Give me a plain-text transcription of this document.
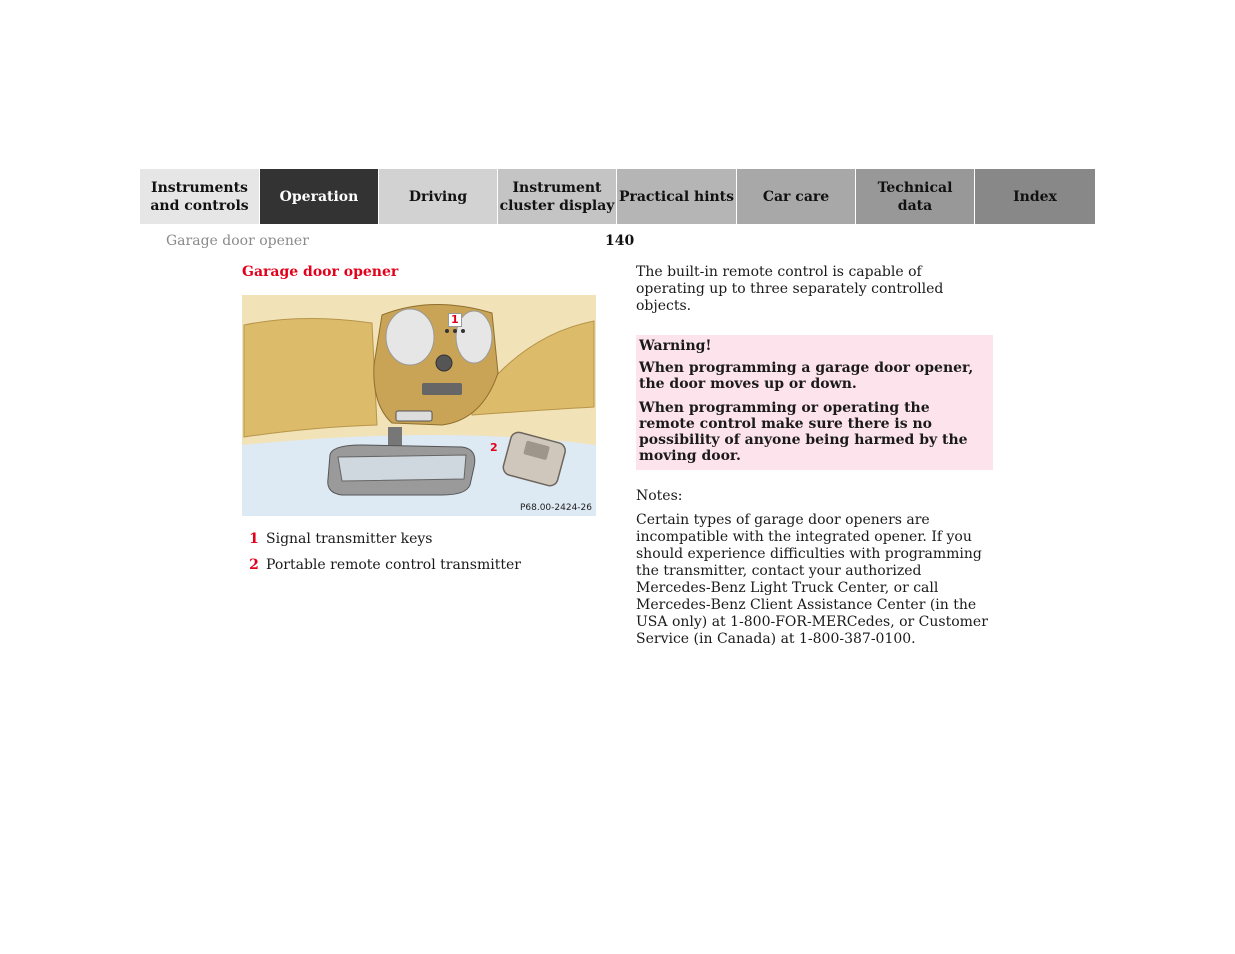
Instruments
and controls
Operation	Driving
Instrument
cluster display
Practical hints	Car care
Technical
data
Index
Garage door opener	140
Garage door opener
1
2
P68.00-2424-26
1 Signal transmitter keys
2 Portable remote control transmitter

The built-in remote control is capable of operating up to three separately controlled objects.

Warning!

When programming a garage door opener, the door moves up or down.

When programming or operating the remote control make sure there is no possibility of anyone being harmed by the moving door.

Notes:

Certain types of garage door openers are incompatible with the integrated opener. If you should experience difficulties with programming the transmitter, contact your authorized Mercedes-Benz Light Truck Center, or call Mercedes-Benz Client Assistance Center (in the USA only) at 1-800-FOR-MERCedes, or Customer Service (in Canada) at 1-800-387-0100.
